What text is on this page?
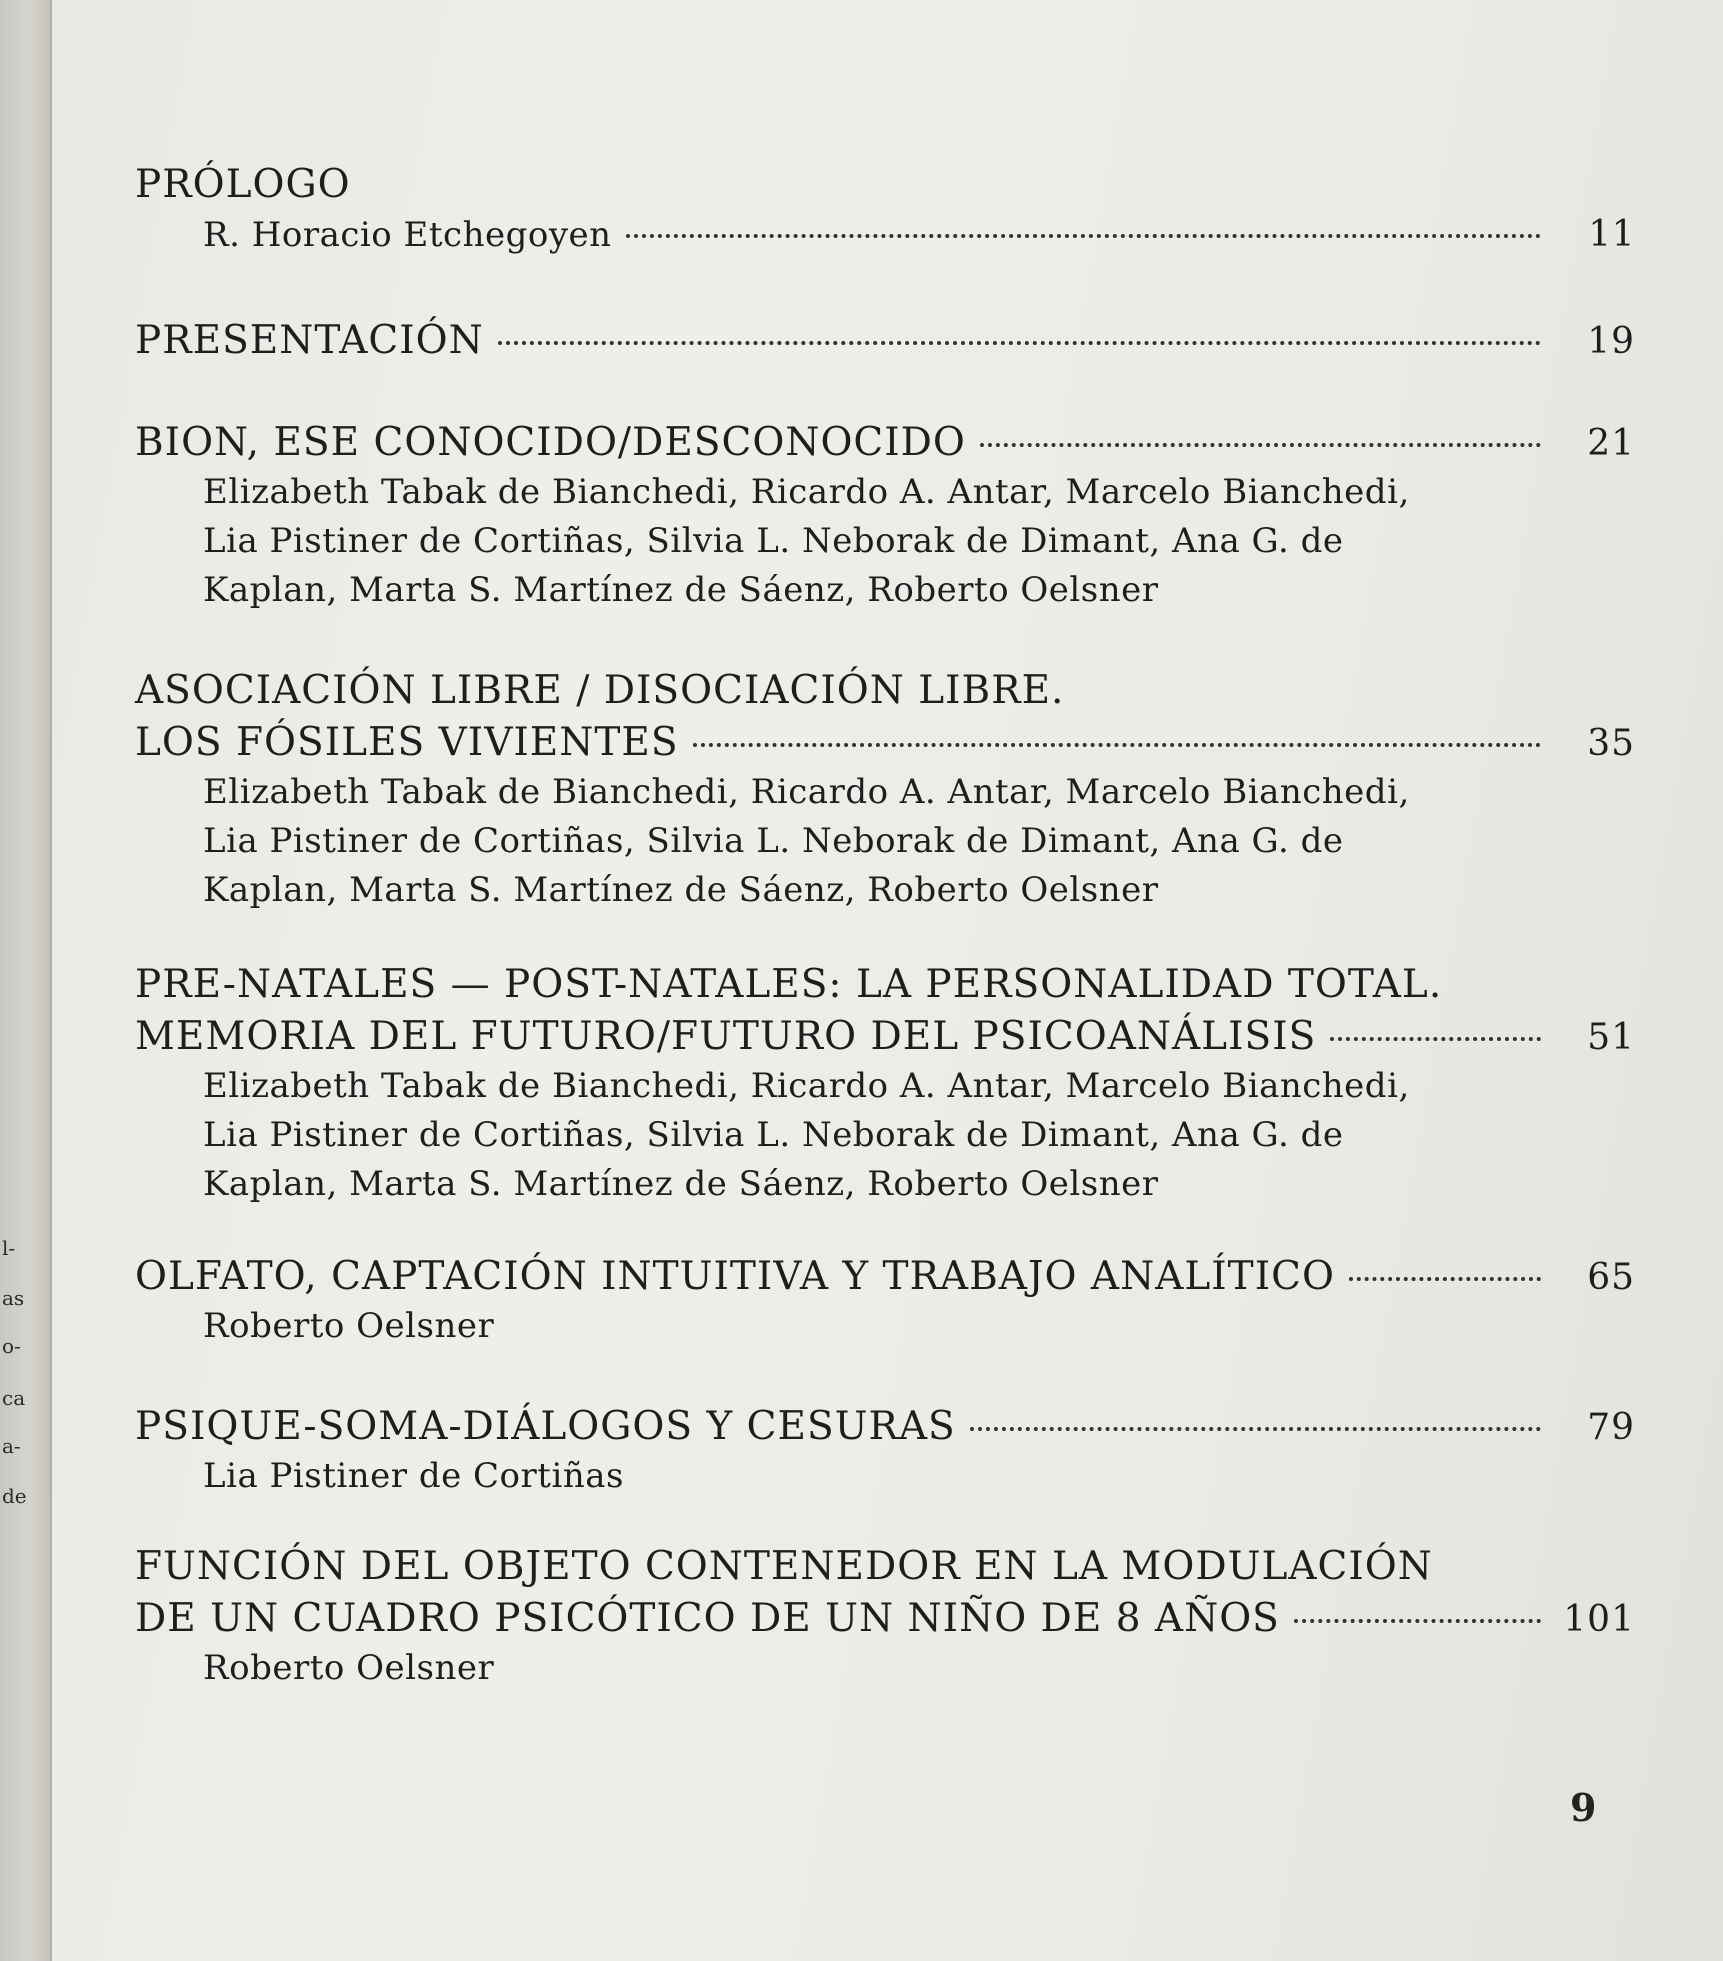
l-
as
o-
ca
a-
de
PRÓLOGO
R. Horacio Etchegoyen	11
PRESENTACIÓN	19
BION, ESE CONOCIDO/DESCONOCIDO	21
Elizabeth Tabak de Bianchedi, Ricardo A. Antar, Marcelo Bianchedi,
Lia Pistiner de Cortiñas, Silvia L. Neborak de Dimant, Ana G. de
Kaplan, Marta S. Martínez de Sáenz, Roberto Oelsner
ASOCIACIÓN LIBRE / DISOCIACIÓN LIBRE.
LOS FÓSILES VIVIENTES	35
Elizabeth Tabak de Bianchedi, Ricardo A. Antar, Marcelo Bianchedi,
Lia Pistiner de Cortiñas, Silvia L. Neborak de Dimant, Ana G. de
Kaplan, Marta S. Martínez de Sáenz, Roberto Oelsner
PRE-NATALES — POST-NATALES: LA PERSONALIDAD TOTAL.
MEMORIA DEL FUTURO/FUTURO DEL PSICOANÁLISIS	51
Elizabeth Tabak de Bianchedi, Ricardo A. Antar, Marcelo Bianchedi,
Lia Pistiner de Cortiñas, Silvia L. Neborak de Dimant, Ana G. de
Kaplan, Marta S. Martínez de Sáenz, Roberto Oelsner
OLFATO, CAPTACIÓN INTUITIVA Y TRABAJO ANALÍTICO	65
Roberto Oelsner
PSIQUE-SOMA-DIÁLOGOS Y CESURAS	79
Lia Pistiner de Cortiñas
FUNCIÓN DEL OBJETO CONTENEDOR EN LA MODULACIÓN
DE UN CUADRO PSICÓTICO DE UN NIÑO DE 8 AÑOS	101
Roberto Oelsner
9
